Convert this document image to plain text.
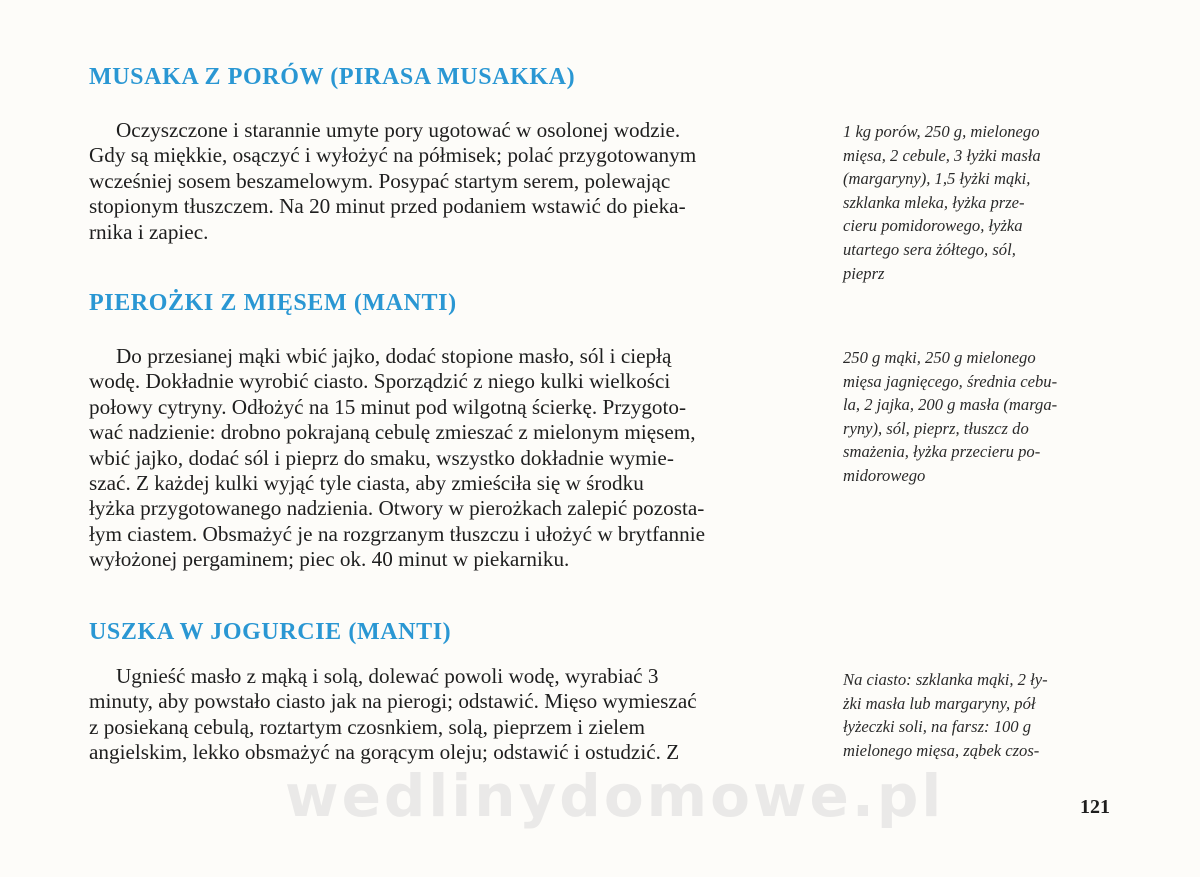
MUSAKA Z PORÓW (PIRASA MUSAKKA)
Oczyszczone i starannie umyte pory ugotować w osolonej wodzie.
Gdy są miękkie, osączyć i wyłożyć na półmisek; polać przygotowanym
wcześniej sosem beszamelowym. Posypać startym serem, polewając
stopionym tłuszczem. Na 20 minut przed podaniem wstawić do pieka-
rnika i zapiec.
1 kg porów, 250 g, mielonego
mięsa, 2 cebule, 3 łyżki masła
(margaryny), 1,5 łyżki mąki,
szklanka mleka, łyżka prze-
cieru pomidorowego, łyżka
utartego sera żółtego, sól,
pieprz
PIEROŻKI Z MIĘSEM (MANTI)
Do przesianej mąki wbić jajko, dodać stopione masło, sól i ciepłą
wodę. Dokładnie wyrobić ciasto. Sporządzić z niego kulki wielkości
połowy cytryny. Odłożyć na 15 minut pod wilgotną ścierkę. Przygoto-
wać nadzienie: drobno pokrajaną cebulę zmieszać z mielonym mięsem,
wbić jajko, dodać sól i pieprz do smaku, wszystko dokładnie wymie-
szać. Z każdej kulki wyjąć tyle ciasta, aby zmieściła się w środku
łyżka przygotowanego nadzienia. Otwory w pierożkach zalepić pozosta-
łym ciastem. Obsmażyć je na rozgrzanym tłuszczu i ułożyć w brytfannie
wyłożonej pergaminem; piec ok. 40 minut w piekarniku.
250 g mąki, 250 g mielonego
mięsa jagnięcego, średnia cebu-
la, 2 jajka, 200 g masła (marga-
ryny), sól, pieprz, tłuszcz do
smażenia, łyżka przecieru po-
midorowego
USZKA W JOGURCIE (MANTI)
Ugnieść masło z mąką i solą, dolewać powoli wodę, wyrabiać 3
minuty, aby powstało ciasto jak na pierogi; odstawić. Mięso wymieszać
z posiekaną cebulą, roztartym czosnkiem, solą, pieprzem i zielem
angielskim, lekko obsmażyć na gorącym oleju; odstawić i ostudzić. Z
Na ciasto: szklanka mąki, 2 ły-
żki masła lub margaryny, pół
łyżeczki soli, na farsz: 100 g
mielonego mięsa, ząbek czos-
wedlinydomowe.pl	121
